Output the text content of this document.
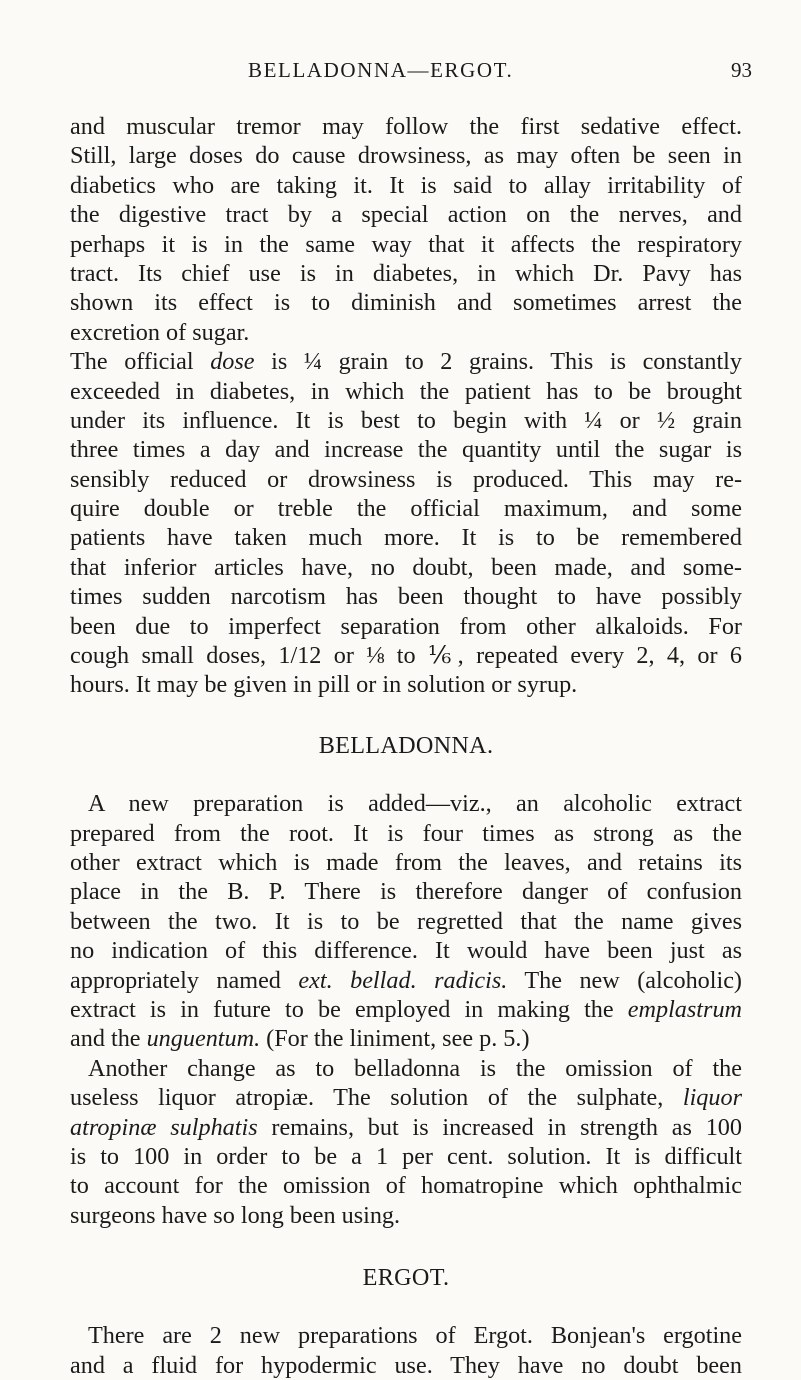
BELLADONNA—ERGOT.	93
and muscular tremor may follow the first sedative effect.
Still, large doses do cause drowsiness, as may often be seen in
diabetics who are taking it. It is said to allay irritability of
the digestive tract by a special action on the nerves, and
perhaps it is in the same way that it affects the respiratory
tract. Its chief use is in diabetes, in which Dr. Pavy has
shown its effect is to diminish and sometimes arrest the
excretion of sugar.
The official dose is ¼ grain to 2 grains. This is constantly
exceeded in diabetes, in which the patient has to be brought
under its influence. It is best to begin with ¼ or ½ grain
three times a day and increase the quantity until the sugar is
sensibly reduced or drowsiness is produced. This may re-
quire double or treble the official maximum, and some
patients have taken much more. It is to be remembered
that inferior articles have, no doubt, been made, and some-
times sudden narcotism has been thought to have possibly
been due to imperfect separation from other alkaloids. For
cough small doses, 1/12 or ⅛ to ⅙, repeated every 2, 4, or 6
hours. It may be given in pill or in solution or syrup.
BELLADONNA.
A new preparation is added—viz., an alcoholic extract
prepared from the root. It is four times as strong as the
other extract which is made from the leaves, and retains its
place in the B. P. There is therefore danger of confusion
between the two. It is to be regretted that the name gives
no indication of this difference. It would have been just as
appropriately named ext. bellad. radicis. The new (alcoholic)
extract is in future to be employed in making the emplastrum
and the unguentum. (For the liniment, see p. 5.)
Another change as to belladonna is the omission of the
useless liquor atropiæ. The solution of the sulphate, liquor
atropinæ sulphatis remains, but is increased in strength as 100
is to 100 in order to be a 1 per cent. solution. It is difficult
to account for the omission of homatropine which ophthalmic
surgeons have so long been using.
ERGOT.
There are 2 new preparations of Ergot. Bonjean's ergotine
and a fluid for hypodermic use. They have no doubt been
